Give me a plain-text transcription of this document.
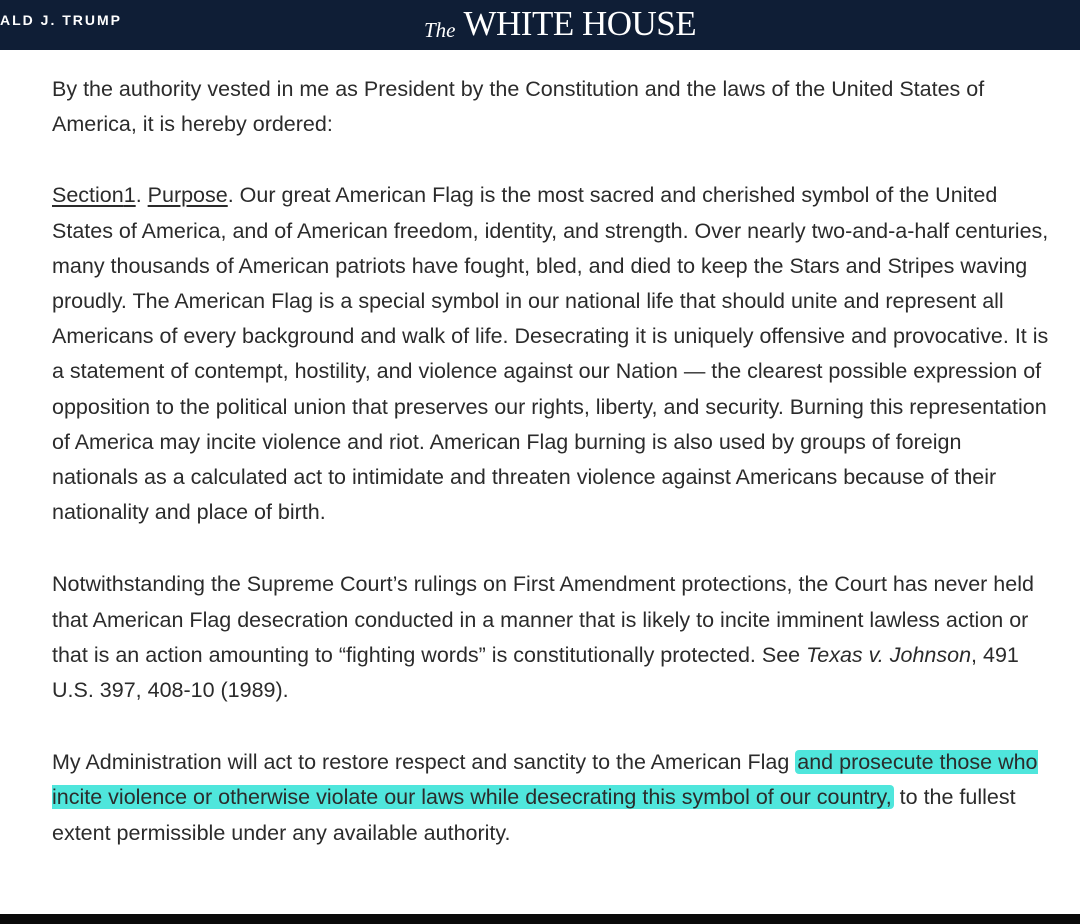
ALD J. TRUMP	The WHITE HOUSE

By the authority vested in me as President by the Constitution and the laws of the United States of America, it is hereby ordered:

Section1. Purpose. Our great American Flag is the most sacred and cherished symbol of the United States of America, and of American freedom, identity, and strength. Over nearly two-and-a-half centuries, many thousands of American patriots have fought, bled, and died to keep the Stars and Stripes waving proudly. The American Flag is a special symbol in our national life that should unite and represent all Americans of every background and walk of life. Desecrating it is uniquely offensive and provocative. It is a statement of contempt, hostility, and violence against our Nation — the clearest possible expression of opposition to the political union that preserves our rights, liberty, and security. Burning this representation of America may incite violence and riot. American Flag burning is also used by groups of foreign nationals as a calculated act to intimidate and threaten violence against Americans because of their nationality and place of birth.

Notwithstanding the Supreme Court’s rulings on First Amendment protections, the Court has never held that American Flag desecration conducted in a manner that is likely to incite imminent lawless action or that is an action amounting to “fighting words” is constitutionally protected. See Texas v. Johnson, 491 U.S. 397, 408-10 (1989).

My Administration will act to restore respect and sanctity to the American Flag and prosecute those who incite violence or otherwise violate our laws while desecrating this symbol of our country, to the fullest extent permissible under any available authority.
